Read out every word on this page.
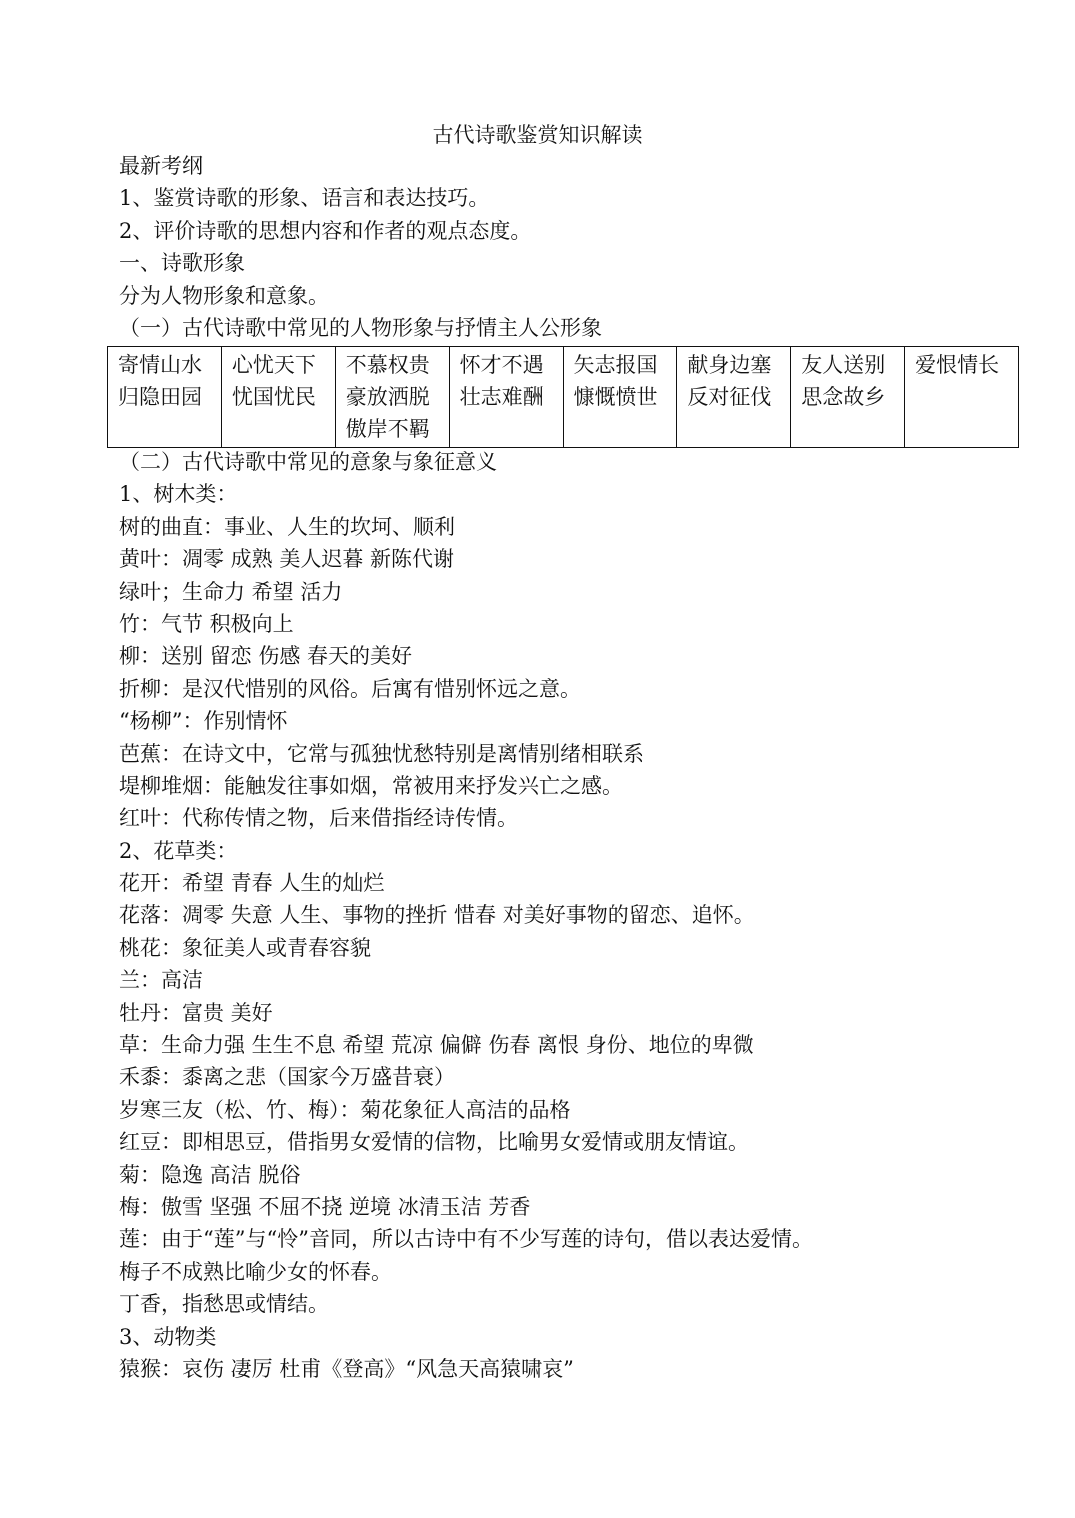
古代诗歌鉴赏知识解读
最新考纲
1、鉴赏诗歌的形象、语言和表达技巧。
2、评价诗歌的思想内容和作者的观点态度。
一、诗歌形象
分为人物形象和意象。
（一）古代诗歌中常见的人物形象与抒情主人公形象
寄情山水
归隐田园

心忧天下
忧国忧民

不慕权贵
豪放洒脱
傲岸不羁

怀才不遇
壮志难酬

矢志报国
慷慨愤世

献身边塞
反对征伐

友人送别
思念故乡

爱恨情长
（二）古代诗歌中常见的意象与象征意义
1、树木类：
树的曲直：事业、人生的坎坷、顺利
黄叶：凋零 成熟 美人迟暮 新陈代谢
绿叶；生命力 希望 活力
竹：气节 积极向上
柳：送别 留恋 伤感 春天的美好
折柳：是汉代惜别的风俗。后寓有惜别怀远之意。
“杨柳”：作别情怀
芭蕉：在诗文中，它常与孤独忧愁特别是离情别绪相联系
堤柳堆烟：能触发往事如烟，常被用来抒发兴亡之感。
红叶：代称传情之物，后来借指经诗传情。
2、花草类：
花开：希望 青春 人生的灿烂
花落：凋零 失意 人生、事物的挫折 惜春 对美好事物的留恋、追怀。
桃花：象征美人或青春容貌
兰：高洁
牡丹：富贵 美好
草：生命力强 生生不息 希望 荒凉 偏僻 伤春 离恨 身份、地位的卑微
禾黍：黍离之悲（国家今万盛昔衰）
岁寒三友（松、竹、梅）：菊花象征人高洁的品格
红豆：即相思豆，借指男女爱情的信物，比喻男女爱情或朋友情谊。
菊：隐逸 高洁 脱俗
梅：傲雪 坚强 不屈不挠 逆境 冰清玉洁 芳香
莲：由于“莲”与“怜”音同，所以古诗中有不少写莲的诗句，借以表达爱情。
梅子不成熟比喻少女的怀春。
丁香，指愁思或情结。
3、动物类
猿猴：哀伤 凄厉 杜甫《登高》“风急天高猿啸哀”
